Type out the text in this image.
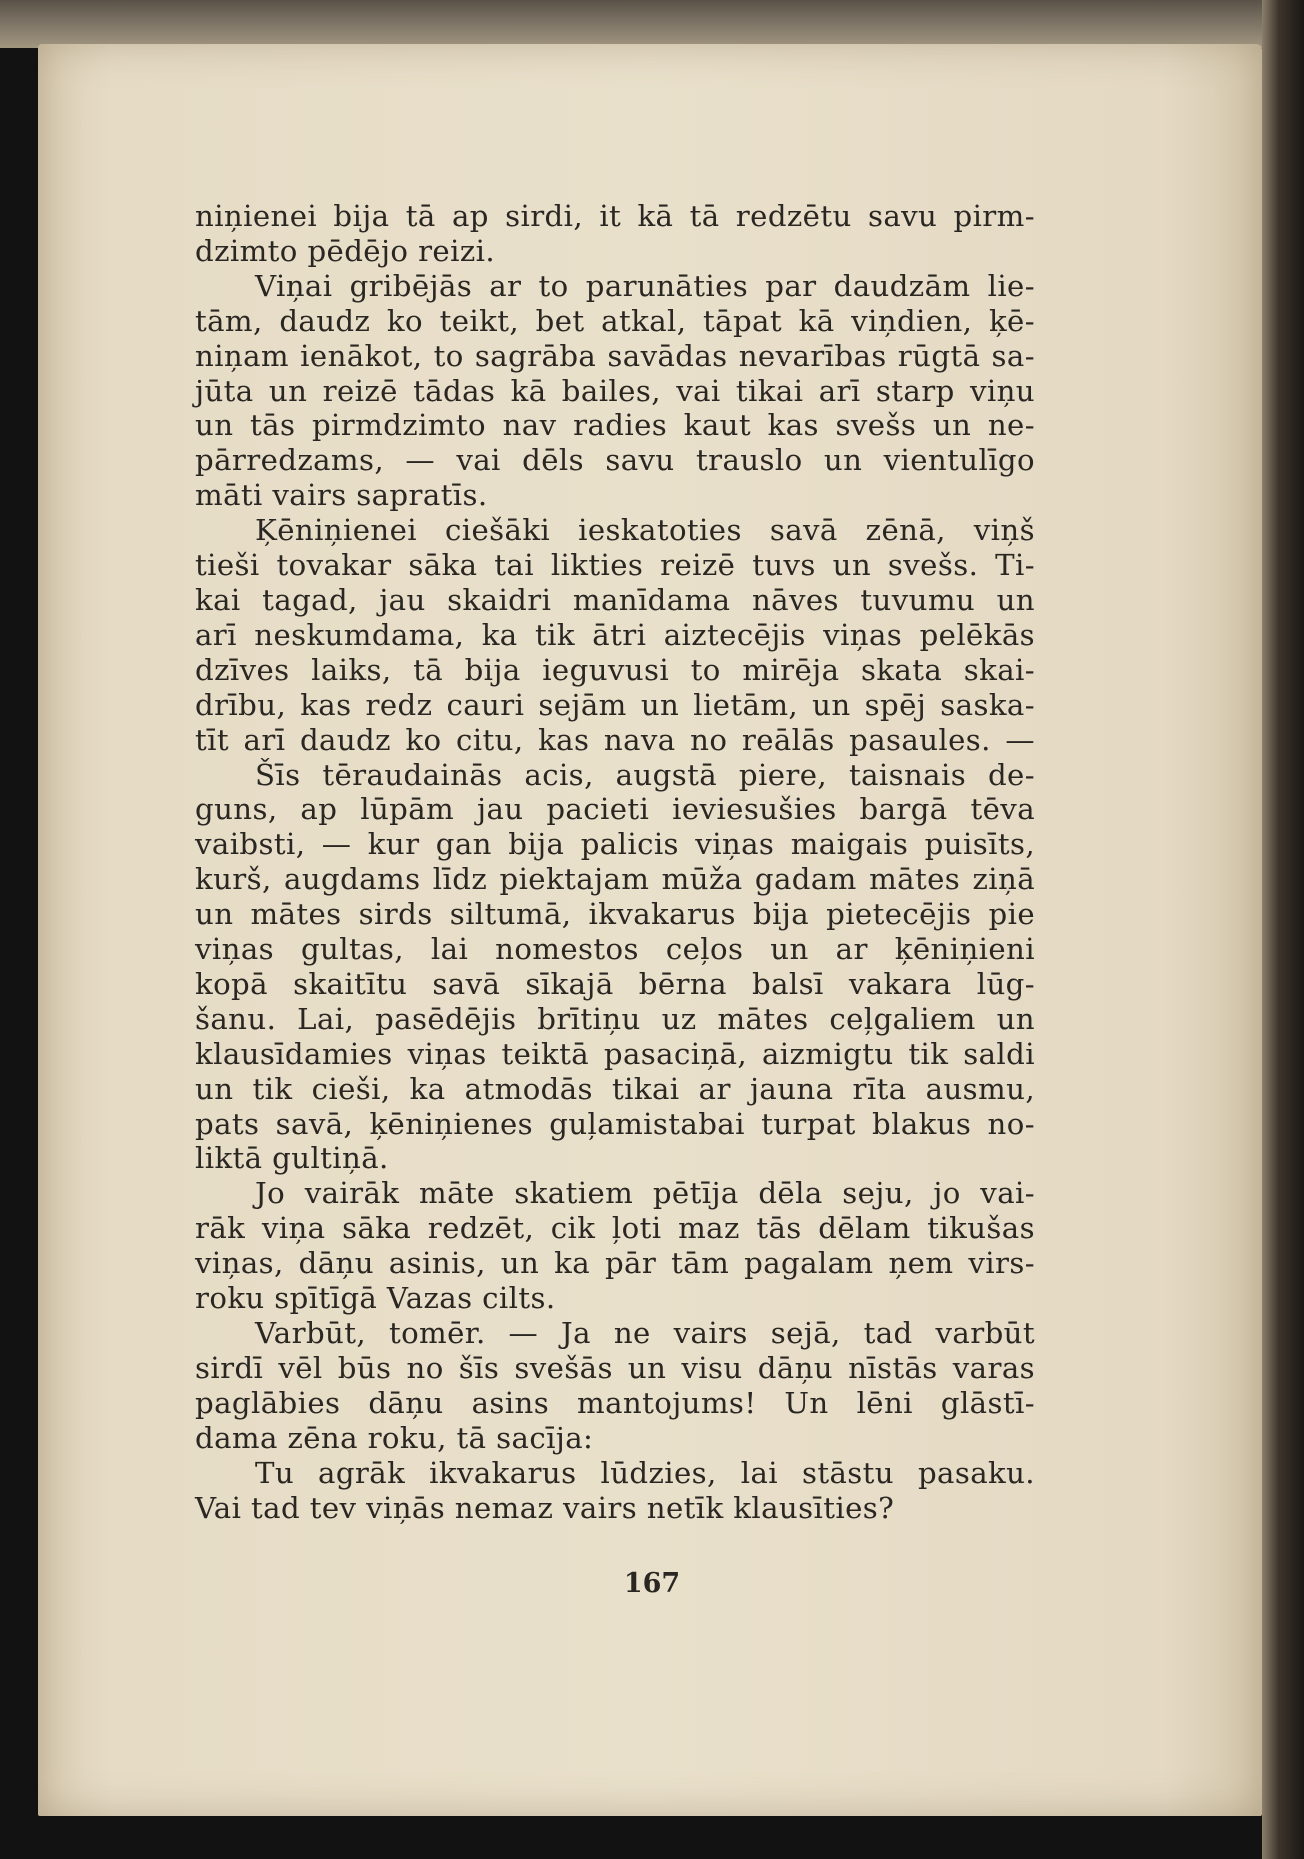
niņienei bija tā ap sirdi, it kā tā redzētu savu pirm-
dzimto pēdējo reizi.
Viņai gribējās ar to parunāties par daudzām lie-
tām, daudz ko teikt, bet atkal, tāpat kā viņdien, ķē-
niņam ienākot, to sagrāba savādas nevarības rūgtā sa-
jūta un reizē tādas kā bailes, vai tikai arī starp viņu
un tās pirmdzimto nav radies kaut kas svešs un ne-
pārredzams, — vai dēls savu trauslo un vientulīgo
māti vairs sapratīs.
Ķēniņienei ciešāki ieskatoties savā zēnā, viņš
tieši tovakar sāka tai likties reizē tuvs un svešs. Ti-
kai tagad, jau skaidri manīdama nāves tuvumu un
arī neskumdama, ka tik ātri aiztecējis viņas pelēkās
dzīves laiks, tā bija ieguvusi to mirēja skata skai-
drību, kas redz cauri sejām un lietām, un spēj saska-
tīt arī daudz ko citu, kas nava no reālās pasaules. —
Šīs tēraudainās acis, augstā piere, taisnais de-
guns, ap lūpām jau pacieti ieviesušies bargā tēva
vaibsti, — kur gan bija palicis viņas maigais puisīts,
kurš, augdams līdz piektajam mūža gadam mātes ziņā
un mātes sirds siltumā, ikvakarus bija pietecējis pie
viņas gultas, lai nomestos ceļos un ar ķēniņieni
kopā skaitītu savā sīkajā bērna balsī vakara lūg-
šanu. Lai, pasēdējis brītiņu uz mātes ceļgaliem un
klausīdamies viņas teiktā pasaciņā, aizmigtu tik saldi
un tik cieši, ka atmodās tikai ar jauna rīta ausmu,
pats savā, ķēniņienes guļamistabai turpat blakus no-
liktā gultiņā.
Jo vairāk māte skatiem pētīja dēla seju, jo vai-
rāk viņa sāka redzēt, cik ļoti maz tās dēlam tikušas
viņas, dāņu asinis, un ka pār tām pagalam ņem virs-
roku spītīgā Vazas cilts.
Varbūt, tomēr. — Ja ne vairs sejā, tad varbūt
sirdī vēl būs no šīs svešās un visu dāņu nīstās varas
paglābies dāņu asins mantojums! Un lēni glāstī-
dama zēna roku, tā sacīja:
Tu agrāk ikvakarus lūdzies, lai stāstu pasaku.
Vai tad tev viņās nemaz vairs netīk klausīties?
167
